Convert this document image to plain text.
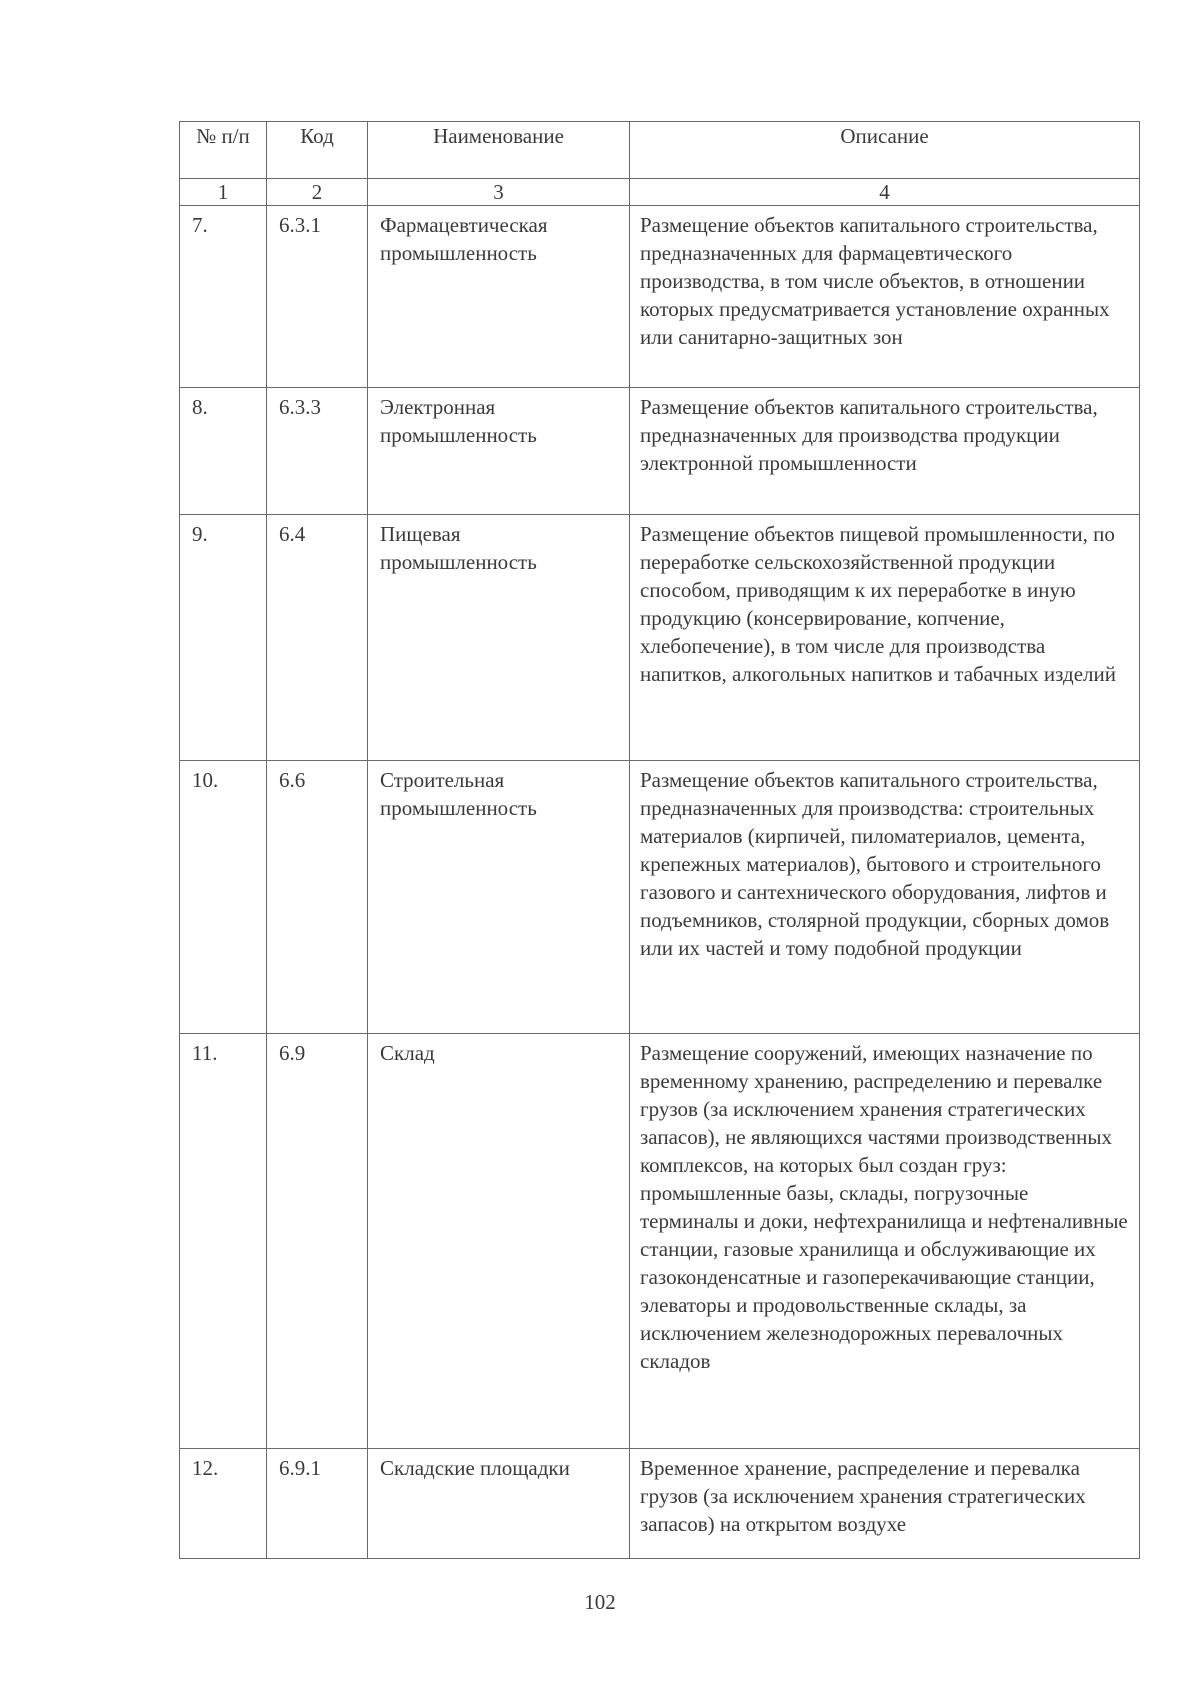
№ п/п	Код	Наименование	Описание
1	2	3	4

7.	6.3.1	Фармацевтическая промышленность	Размещение объектов капитального строительства, предназначенных для фармацевтического производства, в том числе объектов, в отношении которых предусматривается установление охранных или санитарно-защитных зон

8.	6.3.3	Электронная промышленность	Размещение объектов капитального строительства, предназначенных для производства продукции электронной промышленности

9.	6.4	Пищевая промышленность	Размещение объектов пищевой промышленности, по переработке сельскохозяйственной продукции способом, приводящим к их переработке в иную продукцию (консервирование, копчение, хлебопечение), в том числе для производства напитков, алкогольных напитков и табачных изделий

10.	6.6	Строительная промышленность	Размещение объектов капитального строительства, предназначенных для производства: строительных материалов (кирпичей, пиломатериалов, цемента, крепежных материалов), бытового и строительного газового и сантехнического оборудования, лифтов и подъемников, столярной продукции, сборных домов или их частей и тому подобной продукции

11.	6.9	Склад	Размещение сооружений, имеющих назначение по временному хранению, распределению и перевалке грузов (за исключением хранения стратегических запасов), не являющихся частями производственных комплексов, на которых был создан груз: промышленные базы, склады, погрузочные терминалы и доки, нефтехранилища и нефтеналивные станции, газовые хранилища и обслуживающие их газоконденсатные и газоперекачивающие станции, элеваторы и продовольственные склады, за исключением железнодорожных перевалочных складов

12.	6.9.1	Складские площадки	Временное хранение, распределение и перевалка грузов (за исключением хранения стратегических запасов) на открытом воздухе
102
